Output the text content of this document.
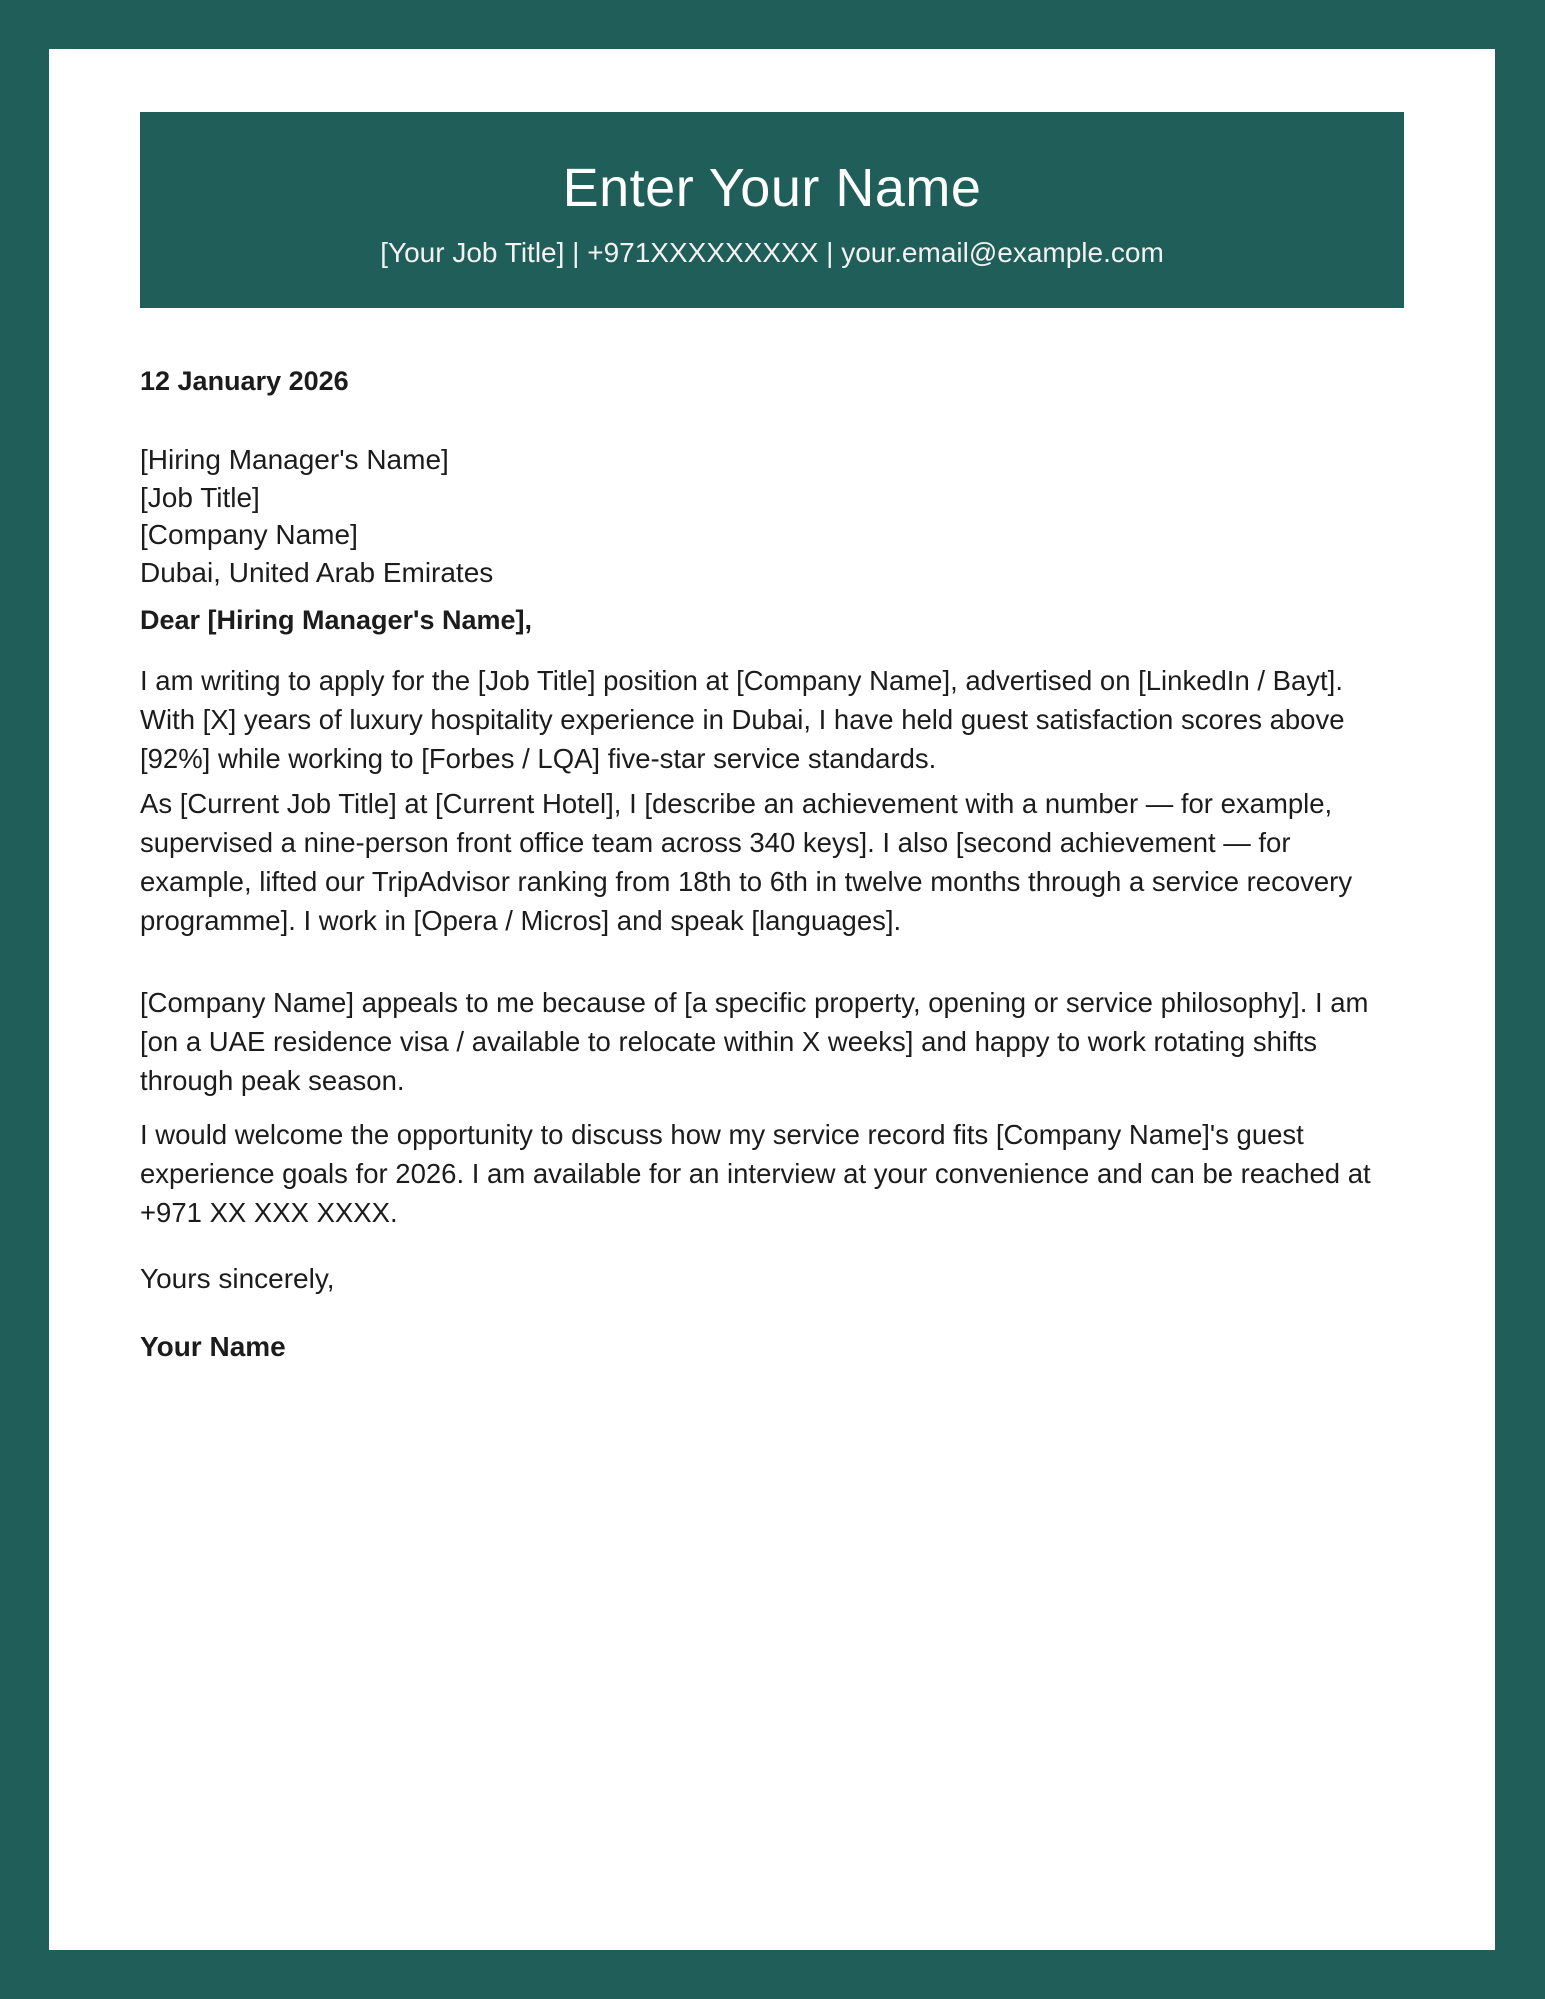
Enter Your Name
[Your Job Title] | +971XXXXXXXXX | your.email@example.com
12 January 2026
[Hiring Manager's Name]
[Job Title]
[Company Name]
Dubai, United Arab Emirates
Dear [Hiring Manager's Name],

I am writing to apply for the [Job Title] position at [Company Name], advertised on [LinkedIn / Bayt]. With [X] years of luxury hospitality experience in Dubai, I have held guest satisfaction scores above [92%] while working to [Forbes / LQA] five-star service standards.

As [Current Job Title] at [Current Hotel], I [describe an achievement with a number — for example, supervised a nine-person front office team across 340 keys]. I also [second achievement — for example, lifted our TripAdvisor ranking from 18th to 6th in twelve months through a service recovery programme]. I work in [Opera / Micros] and speak [languages].

[Company Name] appeals to me because of [a specific property, opening or service philosophy]. I am [on a UAE residence visa / available to relocate within X weeks] and happy to work rotating shifts through peak season.

I would welcome the opportunity to discuss how my service record fits [Company Name]'s guest experience goals for 2026. I am available for an interview at your convenience and can be reached at +971 XX XXX XXXX.

Yours sincerely,
Your Name
